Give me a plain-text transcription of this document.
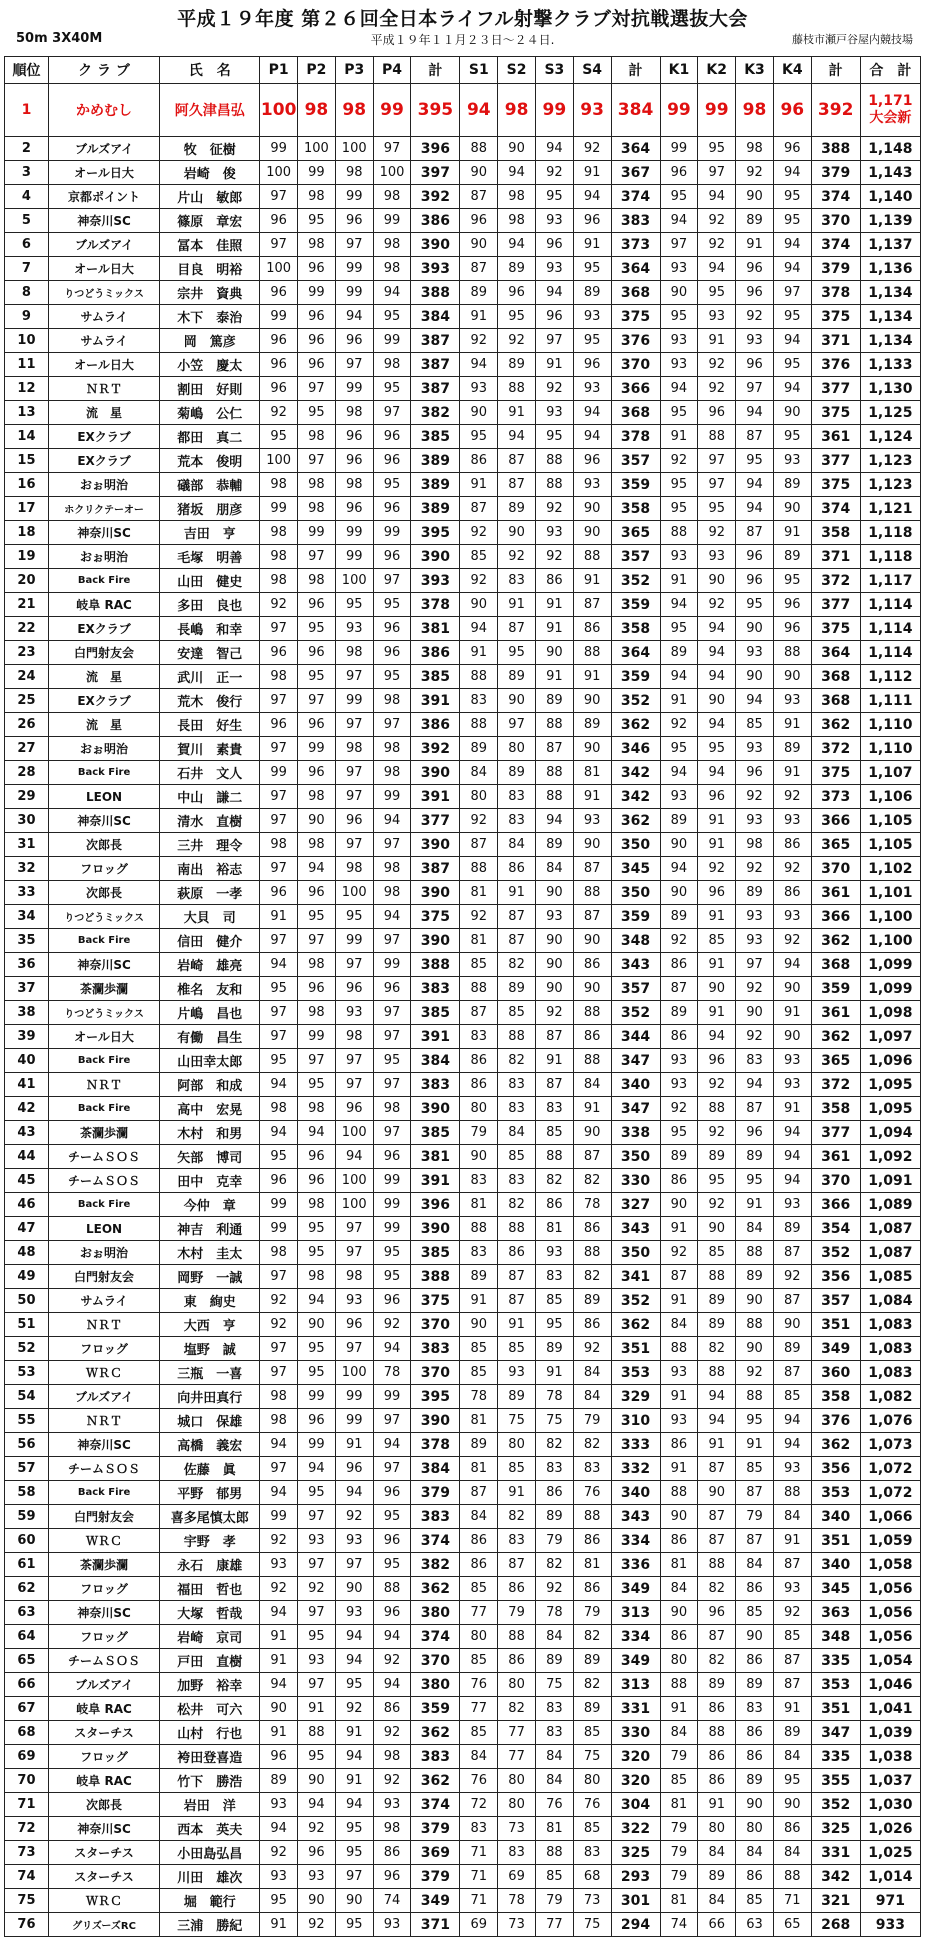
平成１９年度 第２６回全日本ライフル射撃クラブ対抗戦選抜大会
50m 3X40M	平成１９年１１月２３日～２４日.	藤枝市瀬戸谷屋内競技場
順位	ク ラ ブ	氏　名	P1	P2	P3	P4	計	S1	S2	S3	S4	計	K1	K2	K3	K4	計	合　計
1	かめむし	阿久津昌弘	100	98	98	99	395	94	98	99	93	384	99	99	98	96	392	1,171
大会新

2	ブルズアイ	牧　征樹	99	100	100	97	396	88	90	94	92	364	99	95	98	96	388	1,148
3	オール日大	岩崎　俊	100	99	98	100	397	90	94	92	91	367	96	97	92	94	379	1,143
4	京都ポイント	片山　敏郎	97	98	99	98	392	87	98	95	94	374	95	94	90	95	374	1,140
5	神奈川SC	篠原　章宏	96	95	96	99	386	96	98	93	96	383	94	92	89	95	370	1,139
6	ブルズアイ	冨本　佳照	97	98	97	98	390	90	94	96	91	373	97	92	91	94	374	1,137
7	オール日大	目良　明裕	100	96	99	98	393	87	89	93	95	364	93	94	96	94	379	1,136
8	りつどうミックス	宗井　資典	96	99	99	94	388	89	96	94	89	368	90	95	96	97	378	1,134
9	サムライ	木下　泰治	99	96	94	95	384	91	95	96	93	375	95	93	92	95	375	1,134
10	サムライ	岡　篤彦	96	96	96	99	387	92	92	97	95	376	93	91	93	94	371	1,134
11	オール日大	小笠　慶太	96	96	97	98	387	94	89	91	96	370	93	92	96	95	376	1,133
12	ＮＲＴ	割田　好則	96	97	99	95	387	93	88	92	93	366	94	92	97	94	377	1,130
13	流　星	菊嶋　公仁	92	95	98	97	382	90	91	93	94	368	95	96	94	90	375	1,125
14	EXクラブ	都田　真二	95	98	96	96	385	95	94	95	94	378	91	88	87	95	361	1,124
15	EXクラブ	荒本　俊明	100	97	96	96	389	86	87	88	96	357	92	97	95	93	377	1,123
16	おぉ明治	礒部　恭輔	98	98	98	95	389	91	87	88	93	359	95	97	94	89	375	1,123
17	ホクリクテーオー	猪坂　朋彦	99	98	96	96	389	87	89	92	90	358	95	95	94	90	374	1,121
18	神奈川SC	吉田　亨	98	99	99	99	395	92	90	93	90	365	88	92	87	91	358	1,118
19	おぉ明治	毛塚　明善	98	97	99	96	390	85	92	92	88	357	93	93	96	89	371	1,118
20	Back Fire	山田　健史	98	98	100	97	393	92	83	86	91	352	91	90	96	95	372	1,117
21	岐阜 RAC	多田　良也	92	96	95	95	378	90	91	91	87	359	94	92	95	96	377	1,114
22	EXクラブ	長嶋　和幸	97	95	93	96	381	94	87	91	86	358	95	94	90	96	375	1,114
23	白門射友会	安達　智己	96	96	98	96	386	91	95	90	88	364	89	94	93	88	364	1,114
24	流　星	武川　正一	98	95	97	95	385	88	89	91	91	359	94	94	90	90	368	1,112
25	EXクラブ	荒木　俊行	97	97	99	98	391	83	90	89	90	352	91	90	94	93	368	1,111
26	流　星	長田　好生	96	96	97	97	386	88	97	88	89	362	92	94	85	91	362	1,110
27	おぉ明治	賀川　素貴	97	99	98	98	392	89	80	87	90	346	95	95	93	89	372	1,110
28	Back Fire	石井　文人	99	96	97	98	390	84	89	88	81	342	94	94	96	91	375	1,107
29	LEON	中山　謙二	97	98	97	99	391	80	83	88	91	342	93	96	92	92	373	1,106
30	神奈川SC	清水　直樹	97	90	96	94	377	92	83	94	93	362	89	91	93	93	366	1,105
31	次郎長	三井　理令	98	98	97	97	390	87	84	89	90	350	90	91	98	86	365	1,105
32	フロッグ	南出　裕志	97	94	98	98	387	88	86	84	87	345	94	92	92	92	370	1,102
33	次郎長	萩原　一孝	96	96	100	98	390	81	91	90	88	350	90	96	89	86	361	1,101
34	りつどうミックス	大貝　司	91	95	95	94	375	92	87	93	87	359	89	91	93	93	366	1,100
35	Back Fire	信田　健介	97	97	99	97	390	81	87	90	90	348	92	85	93	92	362	1,100
36	神奈川SC	岩崎　雄亮	94	98	97	99	388	85	82	90	86	343	86	91	97	94	368	1,099
37	茶瀾歩瀾	椎名　友和	95	96	96	96	383	88	89	90	90	357	87	90	92	90	359	1,099
38	りつどうミックス	片嶋　昌也	97	98	93	97	385	87	85	92	88	352	89	91	90	91	361	1,098
39	オール日大	有働　昌生	97	99	98	97	391	83	88	87	86	344	86	94	92	90	362	1,097
40	Back Fire	山田幸太郎	95	97	97	95	384	86	82	91	88	347	93	96	83	93	365	1,096
41	ＮＲＴ	阿部　和成	94	95	97	97	383	86	83	87	84	340	93	92	94	93	372	1,095
42	Back Fire	高中　宏晃	98	98	96	98	390	80	83	83	91	347	92	88	87	91	358	1,095
43	茶瀾歩瀾	木村　和男	94	94	100	97	385	79	84	85	90	338	95	92	96	94	377	1,094
44	チームＳＯＳ	矢部　博司	95	96	94	96	381	90	85	88	87	350	89	89	89	94	361	1,092
45	チームＳＯＳ	田中　克幸	96	96	100	99	391	83	83	82	82	330	86	95	95	94	370	1,091
46	Back Fire	今仲　章	99	98	100	99	396	81	82	86	78	327	90	92	91	93	366	1,089
47	LEON	神吉　利通	99	95	97	99	390	88	88	81	86	343	91	90	84	89	354	1,087
48	おぉ明治	木村　圭太	98	95	97	95	385	83	86	93	88	350	92	85	88	87	352	1,087
49	白門射友会	岡野　一誠	97	98	98	95	388	89	87	83	82	341	87	88	89	92	356	1,085
50	サムライ	東　絢史	92	94	93	96	375	91	87	85	89	352	91	89	90	87	357	1,084
51	ＮＲＴ	大西　亨	92	90	96	92	370	90	91	95	86	362	84	89	88	90	351	1,083
52	フロッグ	塩野　誠	97	95	97	94	383	85	85	89	92	351	88	82	90	89	349	1,083
53	ＷＲＣ	三瓶　一喜	97	95	100	78	370	85	93	91	84	353	93	88	92	87	360	1,083
54	ブルズアイ	向井田真行	98	99	99	99	395	78	89	78	84	329	91	94	88	85	358	1,082
55	ＮＲＴ	城口　保雄	98	96	99	97	390	81	75	75	79	310	93	94	95	94	376	1,076
56	神奈川SC	高橋　義宏	94	99	91	94	378	89	80	82	82	333	86	91	91	94	362	1,073
57	チームＳＯＳ	佐藤　眞	97	94	96	97	384	81	85	83	83	332	91	87	85	93	356	1,072
58	Back Fire	平野　郁男	94	95	94	96	379	87	91	86	76	340	88	90	87	88	353	1,072
59	白門射友会	喜多尾慎太郎	99	97	92	95	383	84	82	89	88	343	90	87	79	84	340	1,066
60	ＷＲＣ	宇野　孝	92	93	93	96	374	86	83	79	86	334	86	87	87	91	351	1,059
61	茶瀾歩瀾	永石　康雄	93	97	97	95	382	86	87	82	81	336	81	88	84	87	340	1,058
62	フロッグ	福田　哲也	92	92	90	88	362	85	86	92	86	349	84	82	86	93	345	1,056
63	神奈川SC	大塚　哲哉	94	97	93	96	380	77	79	78	79	313	90	96	85	92	363	1,056
64	フロッグ	岩崎　京司	91	95	94	94	374	80	88	84	82	334	86	87	90	85	348	1,056
65	チームＳＯＳ	戸田　直樹	91	93	94	92	370	85	86	89	89	349	80	82	86	87	335	1,054
66	ブルズアイ	加野　裕幸	94	97	95	94	380	76	80	75	82	313	88	89	89	87	353	1,046
67	岐阜 RAC	松井　可六	90	91	92	86	359	77	82	83	89	331	91	86	83	91	351	1,041
68	スターチス	山村　行也	91	88	91	92	362	85	77	83	85	330	84	88	86	89	347	1,039
69	フロッグ	袴田登喜造	96	95	94	98	383	84	77	84	75	320	79	86	86	84	335	1,038
70	岐阜 RAC	竹下　勝浩	89	90	91	92	362	76	80	84	80	320	85	86	89	95	355	1,037
71	次郎長	岩田　洋	93	94	94	93	374	72	80	76	76	304	81	91	90	90	352	1,030
72	神奈川SC	西本　英夫	94	92	95	98	379	83	73	81	85	322	79	80	80	86	325	1,026
73	スターチス	小田島弘昌	92	96	95	86	369	71	83	88	83	325	79	84	84	84	331	1,025
74	スターチス	川田　雄次	93	93	97	96	379	71	69	85	68	293	79	89	86	88	342	1,014
75	ＷＲＣ	堀　範行	95	90	90	74	349	71	78	79	73	301	81	84	85	71	321	971
76	グリズーズRC	三浦　勝紀	91	92	95	93	371	69	73	77	75	294	74	66	63	65	268	933
